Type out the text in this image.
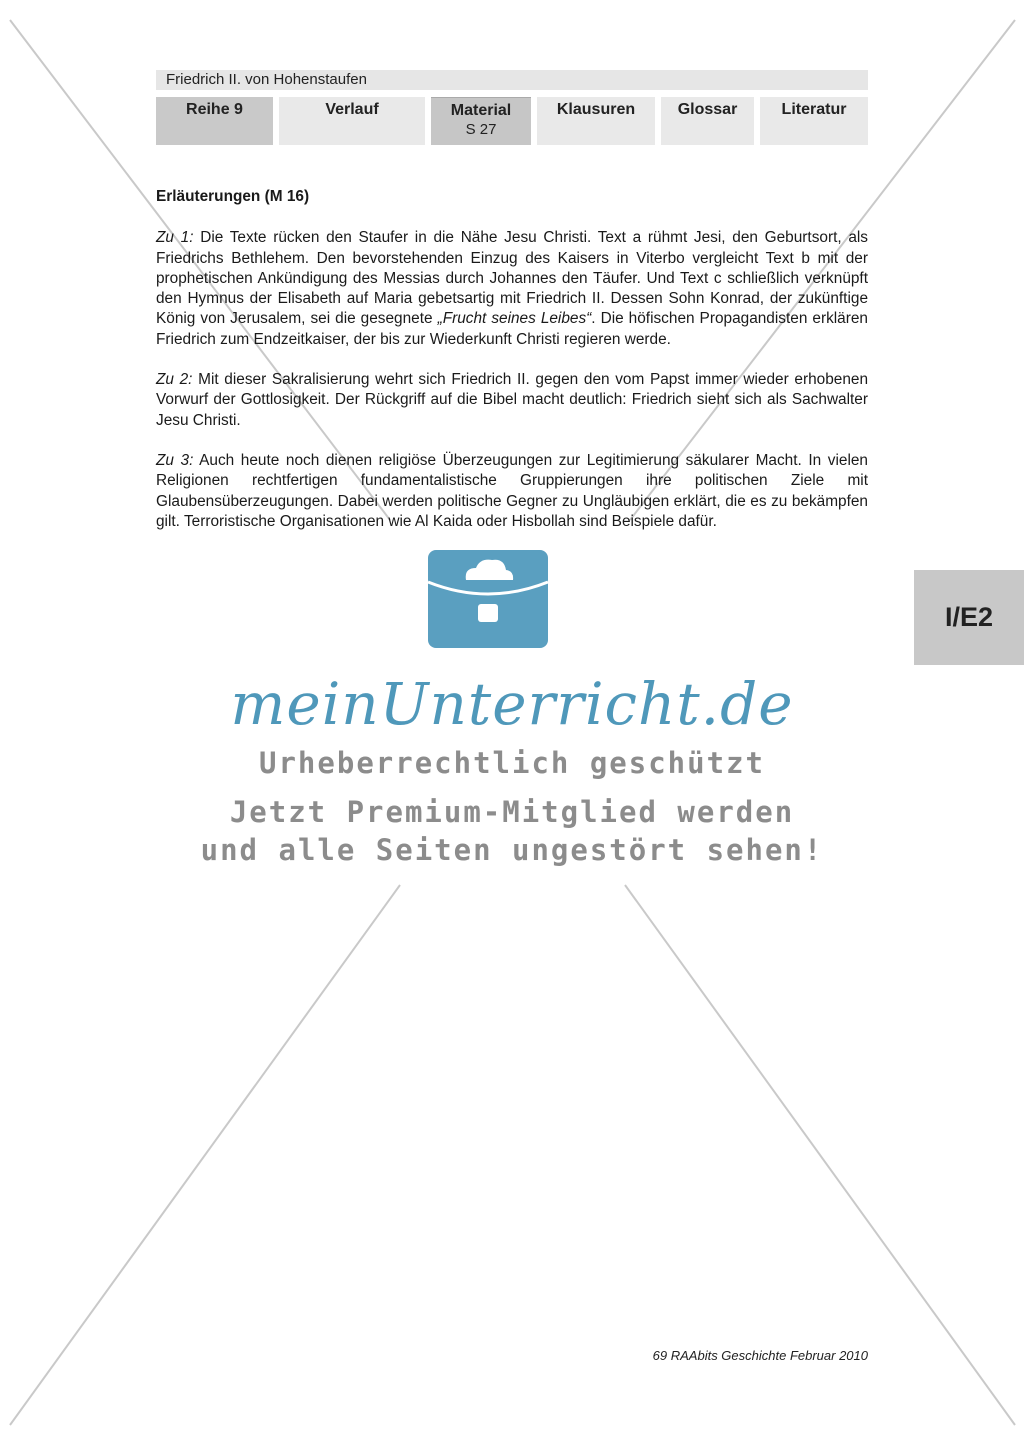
Friedrich II. von Hohenstaufen
Reihe 9	Verlauf	Material
S 27
Klausuren	Glossar	Literatur
Erläuterungen (M 16)

Zu 1: Die Texte rücken den Staufer in die Nähe Jesu Christi. Text a rühmt Jesi, den Geburtsort, als Friedrichs Bethlehem. Den bevorstehenden Einzug des Kaisers in Viterbo vergleicht Text b mit der prophetischen Ankündigung des Messias durch Johannes den Täufer. Und Text c schließlich verknüpft den Hymnus der Elisabeth auf Maria gebetsartig mit Friedrich II. Dessen Sohn Konrad, der zukünftige König von Jerusalem, sei die gesegnete „Frucht seines Leibes“. Die höfischen Propagandisten erklären Friedrich zum Endzeitkaiser, der bis zur Wiederkunft Christi regieren werde.

Zu 2: Mit dieser Sakralisierung wehrt sich Friedrich II. gegen den vom Papst immer wieder erhobenen Vorwurf der Gottlosigkeit. Der Rückgriff auf die Bibel macht deutlich: Friedrich sieht sich als Sachwalter Jesu Christi.

Zu 3: Auch heute noch dienen religiöse Überzeugungen zur Legitimierung säkularer Macht. In vielen Religionen rechtfertigen fundamentalistische Gruppierungen ihre politischen Ziele mit Glaubensüberzeugungen. Dabei werden politische Gegner zu Ungläubigen erklärt, die es zu bekämpfen gilt. Terroristische Organisationen wie Al Kaida oder Hisbollah sind Beispiele dafür.

I/E2
meinUnterricht.de
Urheberrechtlich geschützt
Jetzt Premium-Mitglied werden
und alle Seiten ungestört sehen!
69 RAAbits Geschichte Februar 2010
